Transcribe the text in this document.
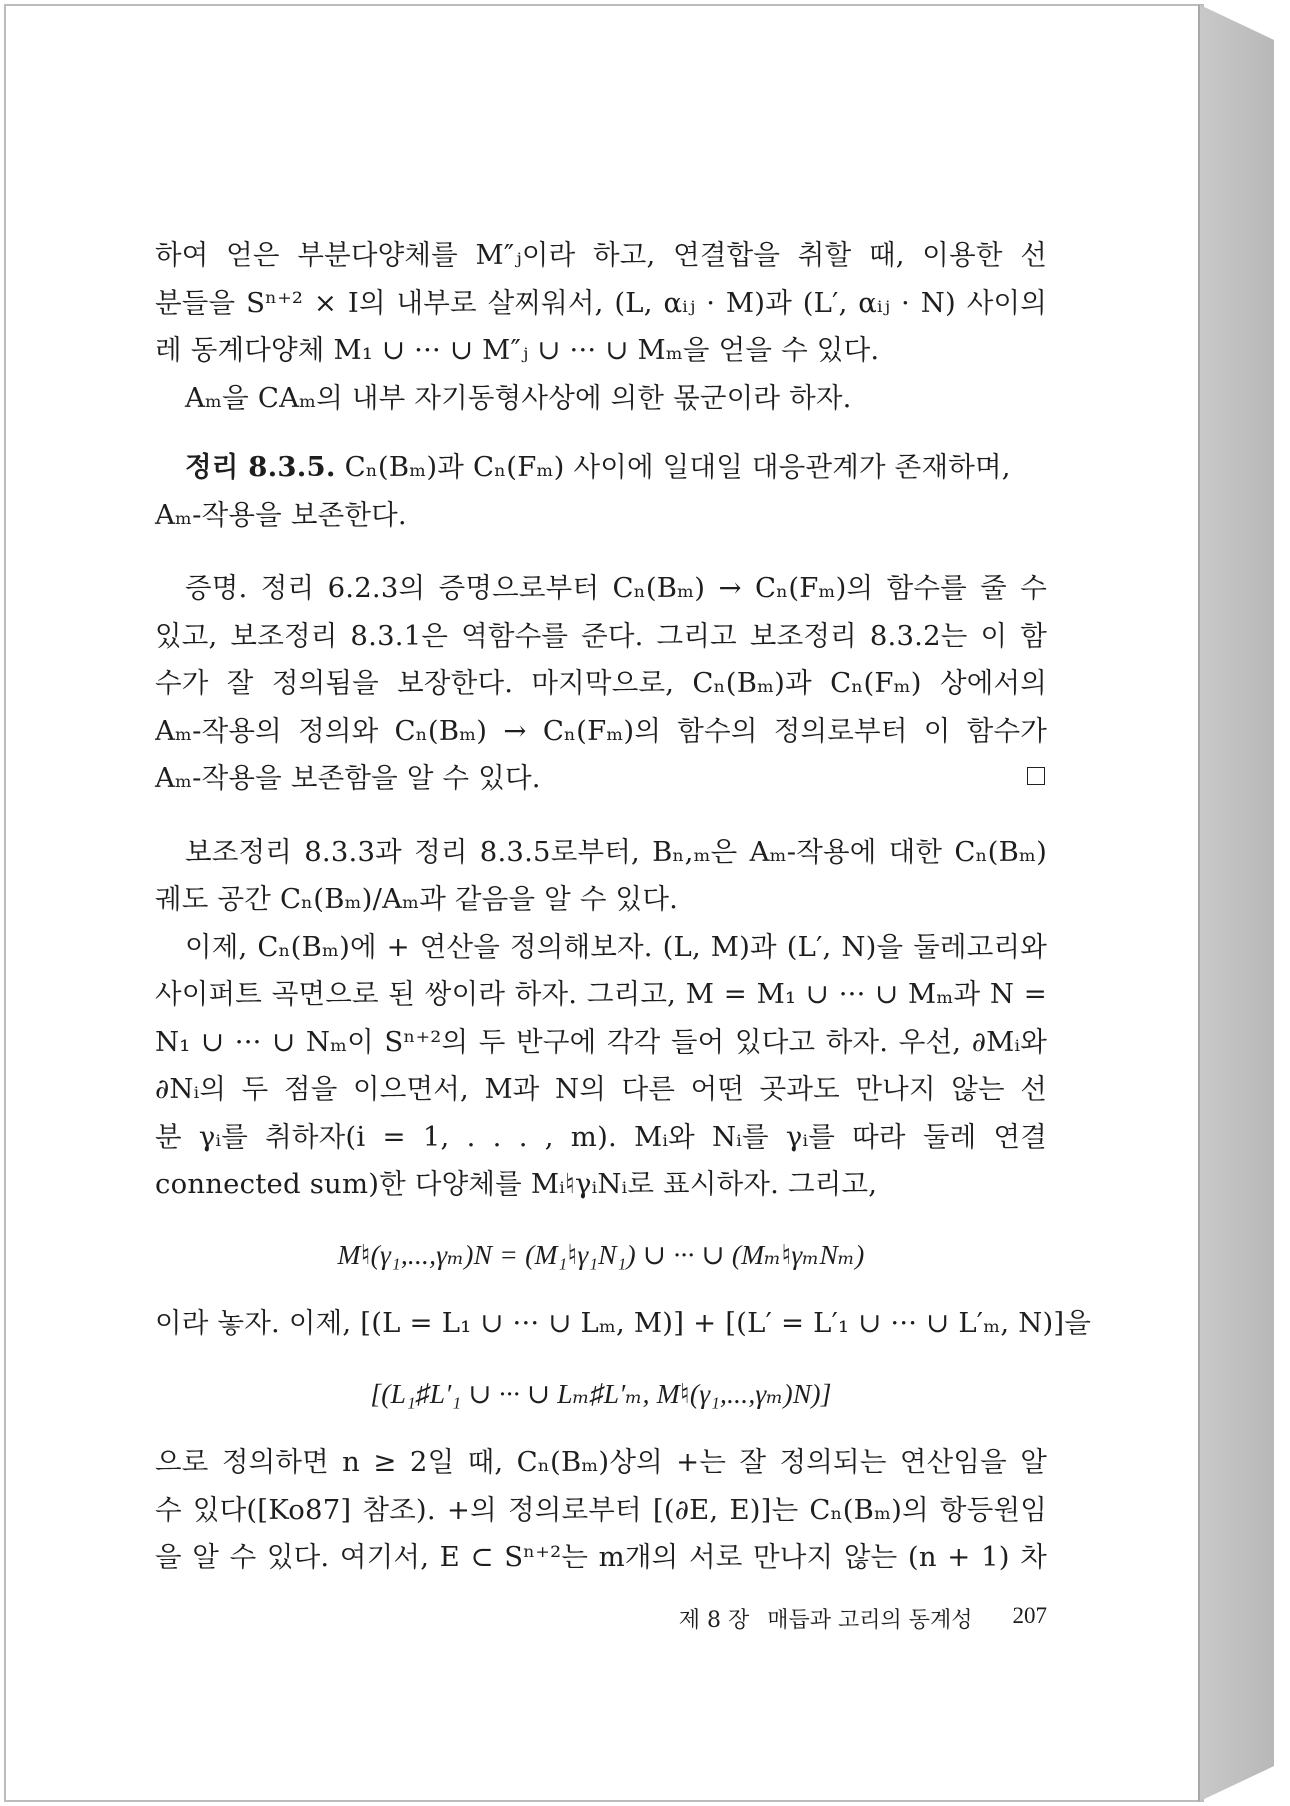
하여 얻은 부분다양체를 M″ⱼ이라 하고, 연결합을 취할 때, 이용한 선
분들을 Sⁿ⁺² × I의 내부로 살찌워서, (L, αᵢⱼ · M)과 (L′, αᵢⱼ · N) 사이의
레 동계다양체 M₁ ∪ ··· ∪ M″ⱼ ∪ ··· ∪ Mₘ을 얻을 수 있다.
Aₘ을 CAₘ의 내부 자기동형사상에 의한 몫군이라 하자.
정리 8.3.5. Cₙ(Bₘ)과 Cₙ(Fₘ) 사이에 일대일 대응관계가 존재하며,
Aₘ-작용을 보존한다.
증명. 정리 6.2.3의 증명으로부터 Cₙ(Bₘ) → Cₙ(Fₘ)의 함수를 줄 수
있고, 보조정리 8.3.1은 역함수를 준다. 그리고 보조정리 8.3.2는 이 함
수가 잘 정의됨을 보장한다. 마지막으로, Cₙ(Bₘ)과 Cₙ(Fₘ) 상에서의
Aₘ-작용의 정의와 Cₙ(Bₘ) → Cₙ(Fₘ)의 함수의 정의로부터 이 함수가
Aₘ-작용을 보존함을 알 수 있다.
보조정리 8.3.3과 정리 8.3.5로부터, Bₙ,ₘ은 Aₘ-작용에 대한 Cₙ(Bₘ)
궤도 공간 Cₙ(Bₘ)/Aₘ과 같음을 알 수 있다.
이제, Cₙ(Bₘ)에 + 연산을 정의해보자. (L, M)과 (L′, N)을 둘레고리와
사이퍼트 곡면으로 된 쌍이라 하자. 그리고, M = M₁ ∪ ··· ∪ Mₘ과 N =
N₁ ∪ ··· ∪ Nₘ이 Sⁿ⁺²의 두 반구에 각각 들어 있다고 하자. 우선, ∂Mᵢ와
∂Nᵢ의 두 점을 이으면서, M과 N의 다른 어떤 곳과도 만나지 않는 선
분 γᵢ를 취하자(i = 1, . . . , m). Mᵢ와 Nᵢ를 γᵢ를 따라 둘레 연결
connected sum)한 다양체를 Mᵢ♮γᵢNᵢ로 표시하자. 그리고,
M♮(γ₁,...,γₘ)N = (M₁♮γ₁N₁) ∪ ··· ∪ (Mₘ♮γₘNₘ)
이라 놓자. 이제, [(L = L₁ ∪ ··· ∪ Lₘ, M)] + [(L′ = L′₁ ∪ ··· ∪ L′ₘ, N)]을
[(L₁♯L′₁ ∪ ··· ∪ Lₘ♯L′ₘ, M♮(γ₁,...,γₘ)N)]
으로 정의하면 n ≥ 2일 때, Cₙ(Bₘ)상의 +는 잘 정의되는 연산임을 알
수 있다([Ko87] 참조). +의 정의로부터 [(∂E, E)]는 Cₙ(Bₘ)의 항등원임
을 알 수 있다. 여기서, E ⊂ Sⁿ⁺²는 m개의 서로 만나지 않는 (n + 1) 차
제 8 장 매듭과 고리의 동계성 207
